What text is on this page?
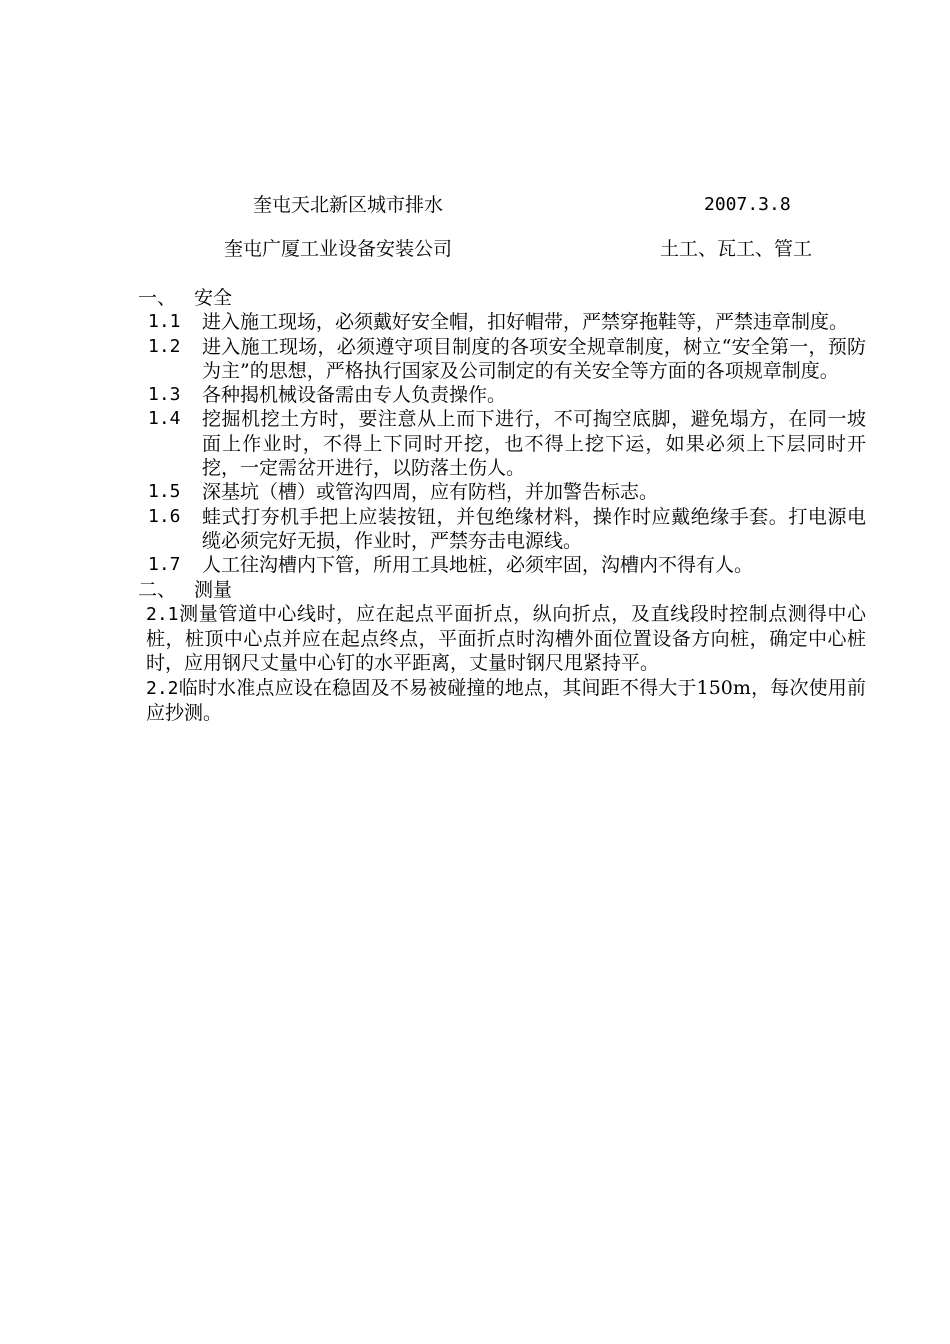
奎屯天北新区城市排水	2007.3.8
奎屯广厦工业设备安装公司	土工、瓦工、管工
一、 安全
1.1	进入施工现场，必须戴好安全帽，扣好帽带，严禁穿拖鞋等，严禁违章制度。
1.2	进入施工现场，必须遵守项目制度的各项安全规章制度，树立“安全第一，预防为主”的思想，严格执行国家及公司制定的有关安全等方面的各项规章制度。
1.3	各种揭机械设备需由专人负责操作。
1.4	挖掘机挖土方时，要注意从上而下进行，不可掏空底脚，避免塌方，在同一坡面上作业时，不得上下同时开挖，也不得上挖下运，如果必须上下层同时开挖，一定需岔开进行，以防落土伤人。
1.5	深基坑（槽）或管沟四周，应有防档，并加警告标志。
1.6	蛙式打夯机手把上应装按钮，并包绝缘材料，操作时应戴绝缘手套。打电源电缆必须完好无损，作业时，严禁夯击电源线。
1.7	人工往沟槽内下管，所用工具地桩，必须牢固，沟槽内不得有人。
二、 测量
2.1测量管道中心线时，应在起点平面折点，纵向折点，及直线段时控制点测得中心桩，桩顶中心点并应在起点终点，平面折点时沟槽外面位置设备方向桩，确定中心桩时，应用钢尺丈量中心钉的水平距离，丈量时钢尺甩紧持平。
2.2临时水准点应设在稳固及不易被碰撞的地点，其间距不得大于150m，每次使用前应抄测。
